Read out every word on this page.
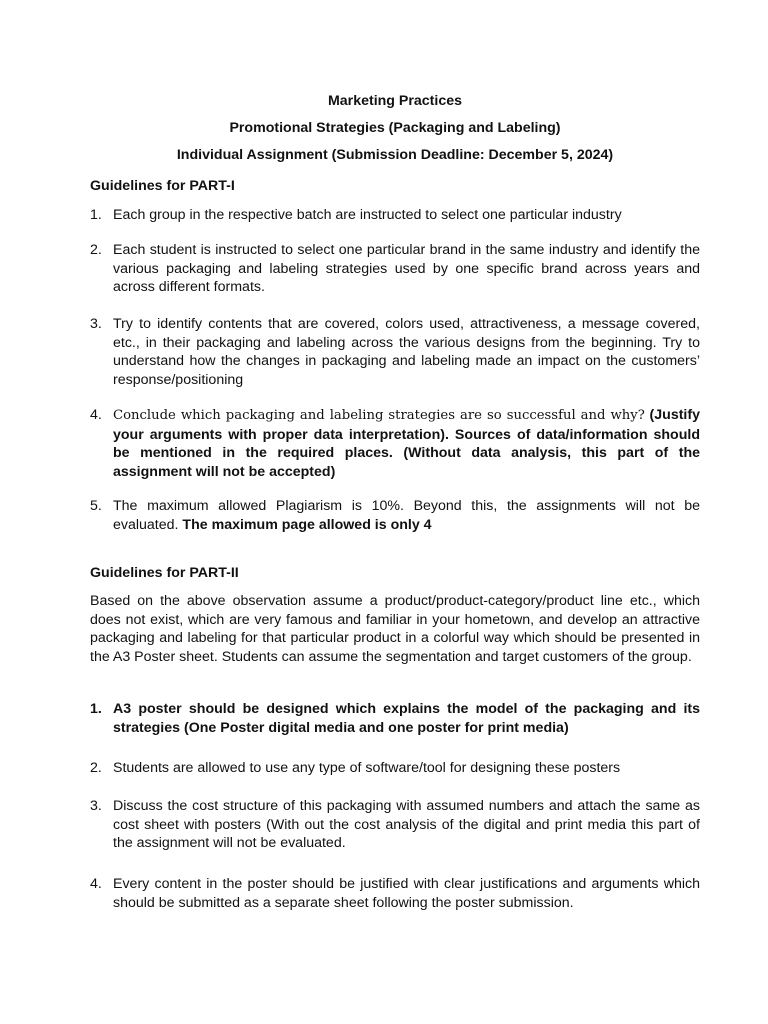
Marketing Practices
Promotional Strategies (Packaging and Labeling)
Individual Assignment (Submission Deadline: December 5, 2024)
Guidelines for PART-I
1. Each group in the respective batch are instructed to select one particular industry
2. Each student is instructed to select one particular brand in the same industry and identify the various packaging and labeling strategies used by one specific brand across years and across different formats.
3. Try to identify contents that are covered, colors used, attractiveness, a message covered, etc., in their packaging and labeling across the various designs from the beginning. Try to understand how the changes in packaging and labeling made an impact on the customers’ response/positioning
4. Conclude which packaging and labeling strategies are so successful and why? (Justify your arguments with proper data interpretation). Sources of data/information should be mentioned in the required places. (Without data analysis, this part of the assignment will not be accepted)
5. The maximum allowed Plagiarism is 10%. Beyond this, the assignments will not be evaluated. The maximum page allowed is only 4
Guidelines for PART-II
Based on the above observation assume a product/product-category/product line etc., which does not exist, which are very famous and familiar in your hometown, and develop an attractive packaging and labeling for that particular product in a colorful way which should be presented in the A3 Poster sheet. Students can assume the segmentation and target customers of the group.
1. A3 poster should be designed which explains the model of the packaging and its strategies (One Poster digital media and one poster for print media)
2. Students are allowed to use any type of software/tool for designing these posters
3. Discuss the cost structure of this packaging with assumed numbers and attach the same as cost sheet with posters (With out the cost analysis of the digital and print media this part of the assignment will not be evaluated.
4. Every content in the poster should be justified with clear justifications and arguments which should be submitted as a separate sheet following the poster submission.
